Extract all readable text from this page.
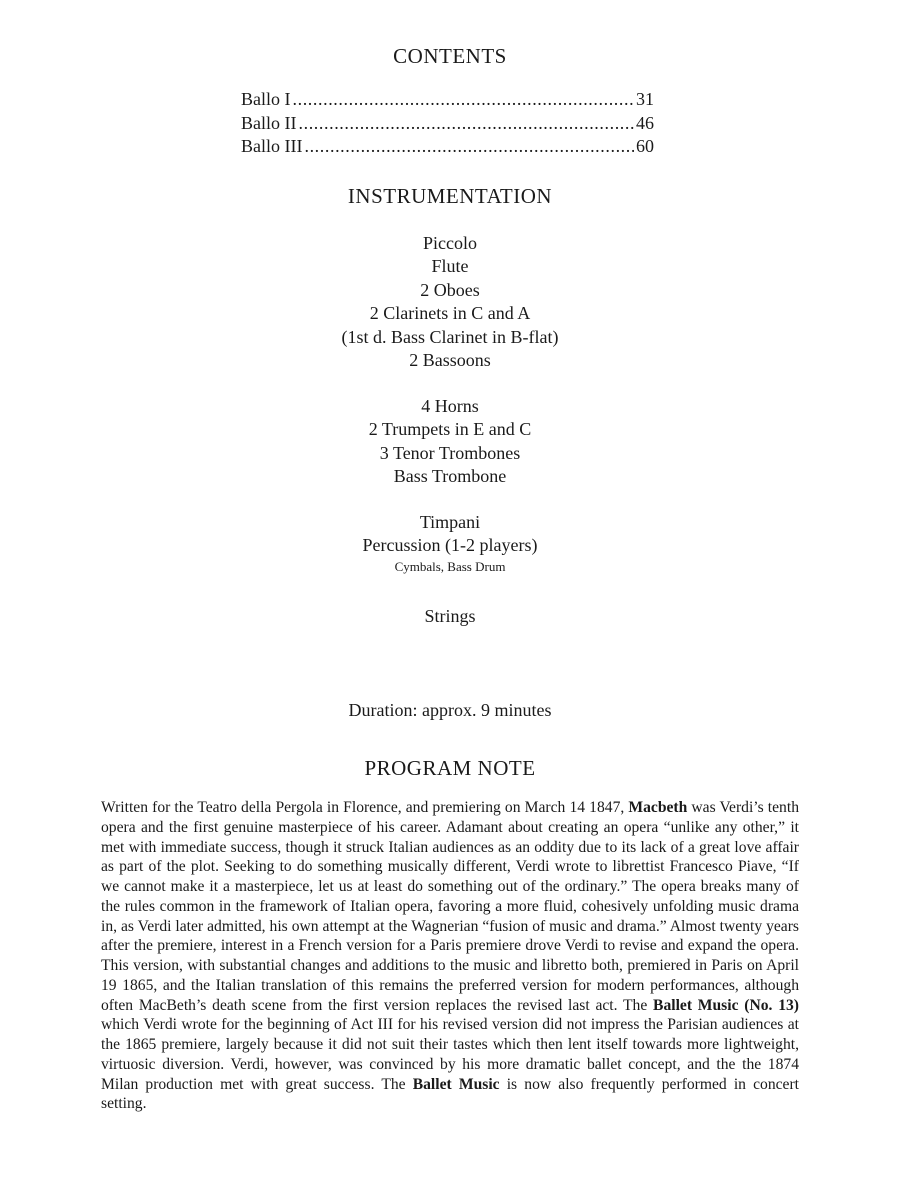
CONTENTS
Ballo I .....	31
Ballo II .....	46
Ballo III .....	60
INSTRUMENTATION
Piccolo
Flute
2 Oboes
2 Clarinets in C and A
(1st d. Bass Clarinet in B-flat)
2 Bassoons
4 Horns
2 Trumpets in E and C
3 Tenor Trombones
Bass Trombone
Timpani
Percussion (1-2 players)
Cymbals, Bass Drum
Strings
Duration: approx. 9 minutes
PROGRAM NOTE

Written for the Teatro della Pergola in Florence, and premiering on March 14 1847, Macbeth was Verdi’s tenth opera and the first genuine masterpiece of his career. Adamant about creating an opera “unlike any other,” it met with immediate success, though it struck Italian audiences as an oddity due to its lack of a great love affair as part of the plot. Seeking to do something musically different, Verdi wrote to librettist Francesco Piave, “If we cannot make it a masterpiece, let us at least do something out of the ordinary.” The opera breaks many of the rules common in the framework of Italian opera, favoring a more fluid, cohesively unfolding music drama in, as Verdi later admitted, his own attempt at the Wagnerian “fusion of music and drama.” Almost twenty years after the premiere, interest in a French version for a Paris premiere drove Verdi to revise and expand the opera. This version, with substantial changes and additions to the music and libretto both, premiered in Paris on April 19 1865, and the Italian translation of this remains the preferred version for modern performances, although often MacBeth’s death scene from the first version replaces the revised last act. The Ballet Music (No. 13) which Verdi wrote for the beginning of Act III for his revised version did not impress the Parisian audiences at the 1865 premiere, largely because it did not suit their tastes which then lent itself towards more lightweight, virtuosic diversion. Verdi, however, was convinced by his more dramatic ballet concept, and the the 1874 Milan production met with great success. The Ballet Music is now also frequently performed in concert setting.
